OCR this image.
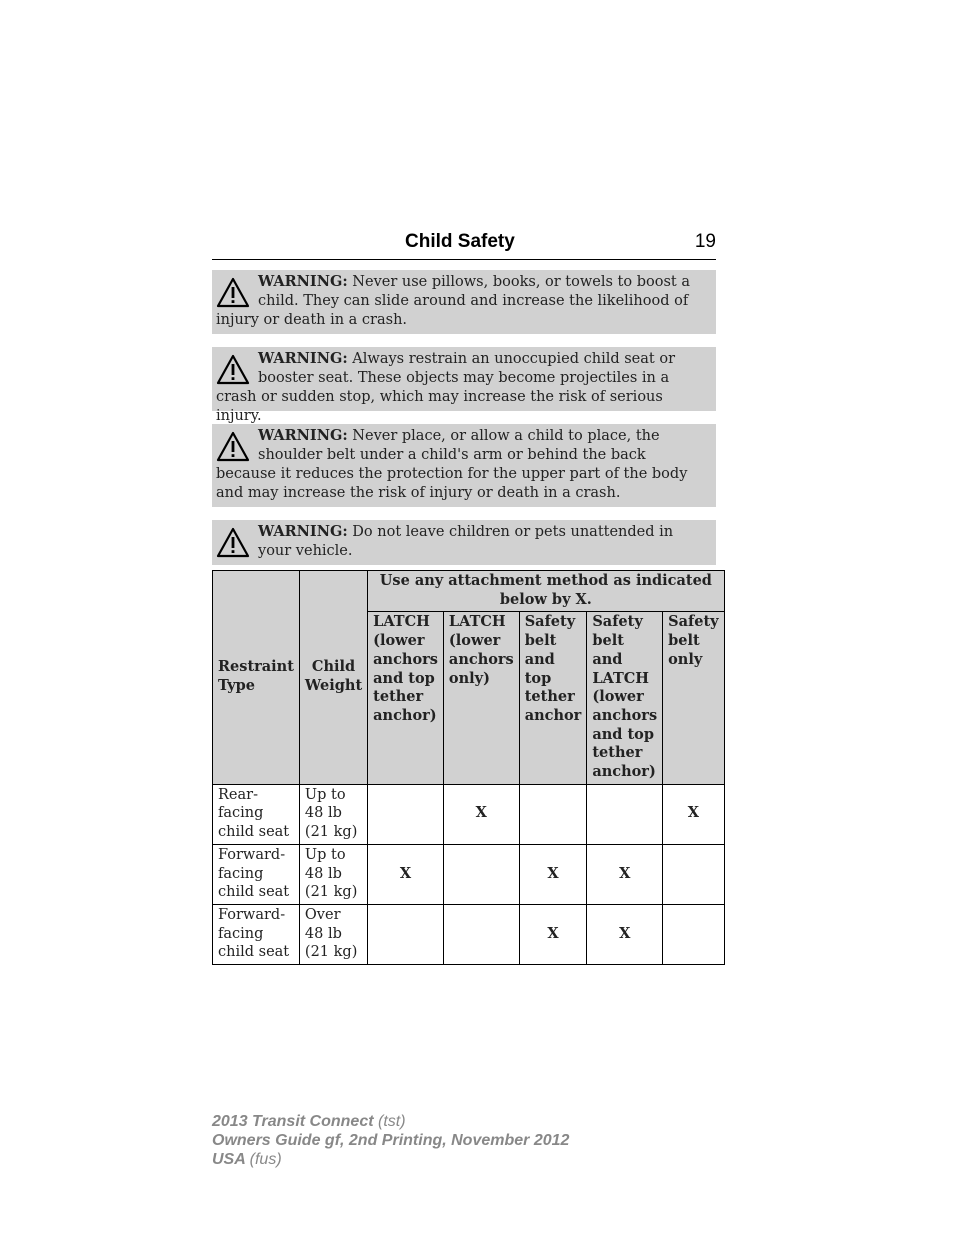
Child Safety	19
WARNING: Never use pillows, books, or towels to boost a child. They can slide around and increase the likelihood of injury or death in a crash.
WARNING: Always restrain an unoccupied child seat or booster seat. These objects may become projectiles in a crash or sudden stop, which may increase the risk of serious injury.
WARNING: Never place, or allow a child to place, the shoulder belt under a child's arm or behind the back because it reduces the protection for the upper part of the body and may increase the risk of injury or death in a crash.
WARNING: Do not leave children or pets unattended in your vehicle.
Restraint Type	Child Weight	Use any attachment method as indicated below by X.				
		LATCH (lower anchors and top tether anchor)	LATCH (lower anchors only)	Safety belt and top tether anchor	Safety belt and LATCH (lower anchors and top tether anchor)	Safety belt only
Rear-facing child seat	Up to 48 lb (21 kg)		X			X
Forward-facing child seat	Up to 48 lb (21 kg)	X		X	X	
Forward-facing child seat	Over 48 lb (21 kg)			X	X	
2013 Transit Connect (tst)
Owners Guide gf, 2nd Printing, November 2012
USA (fus)
